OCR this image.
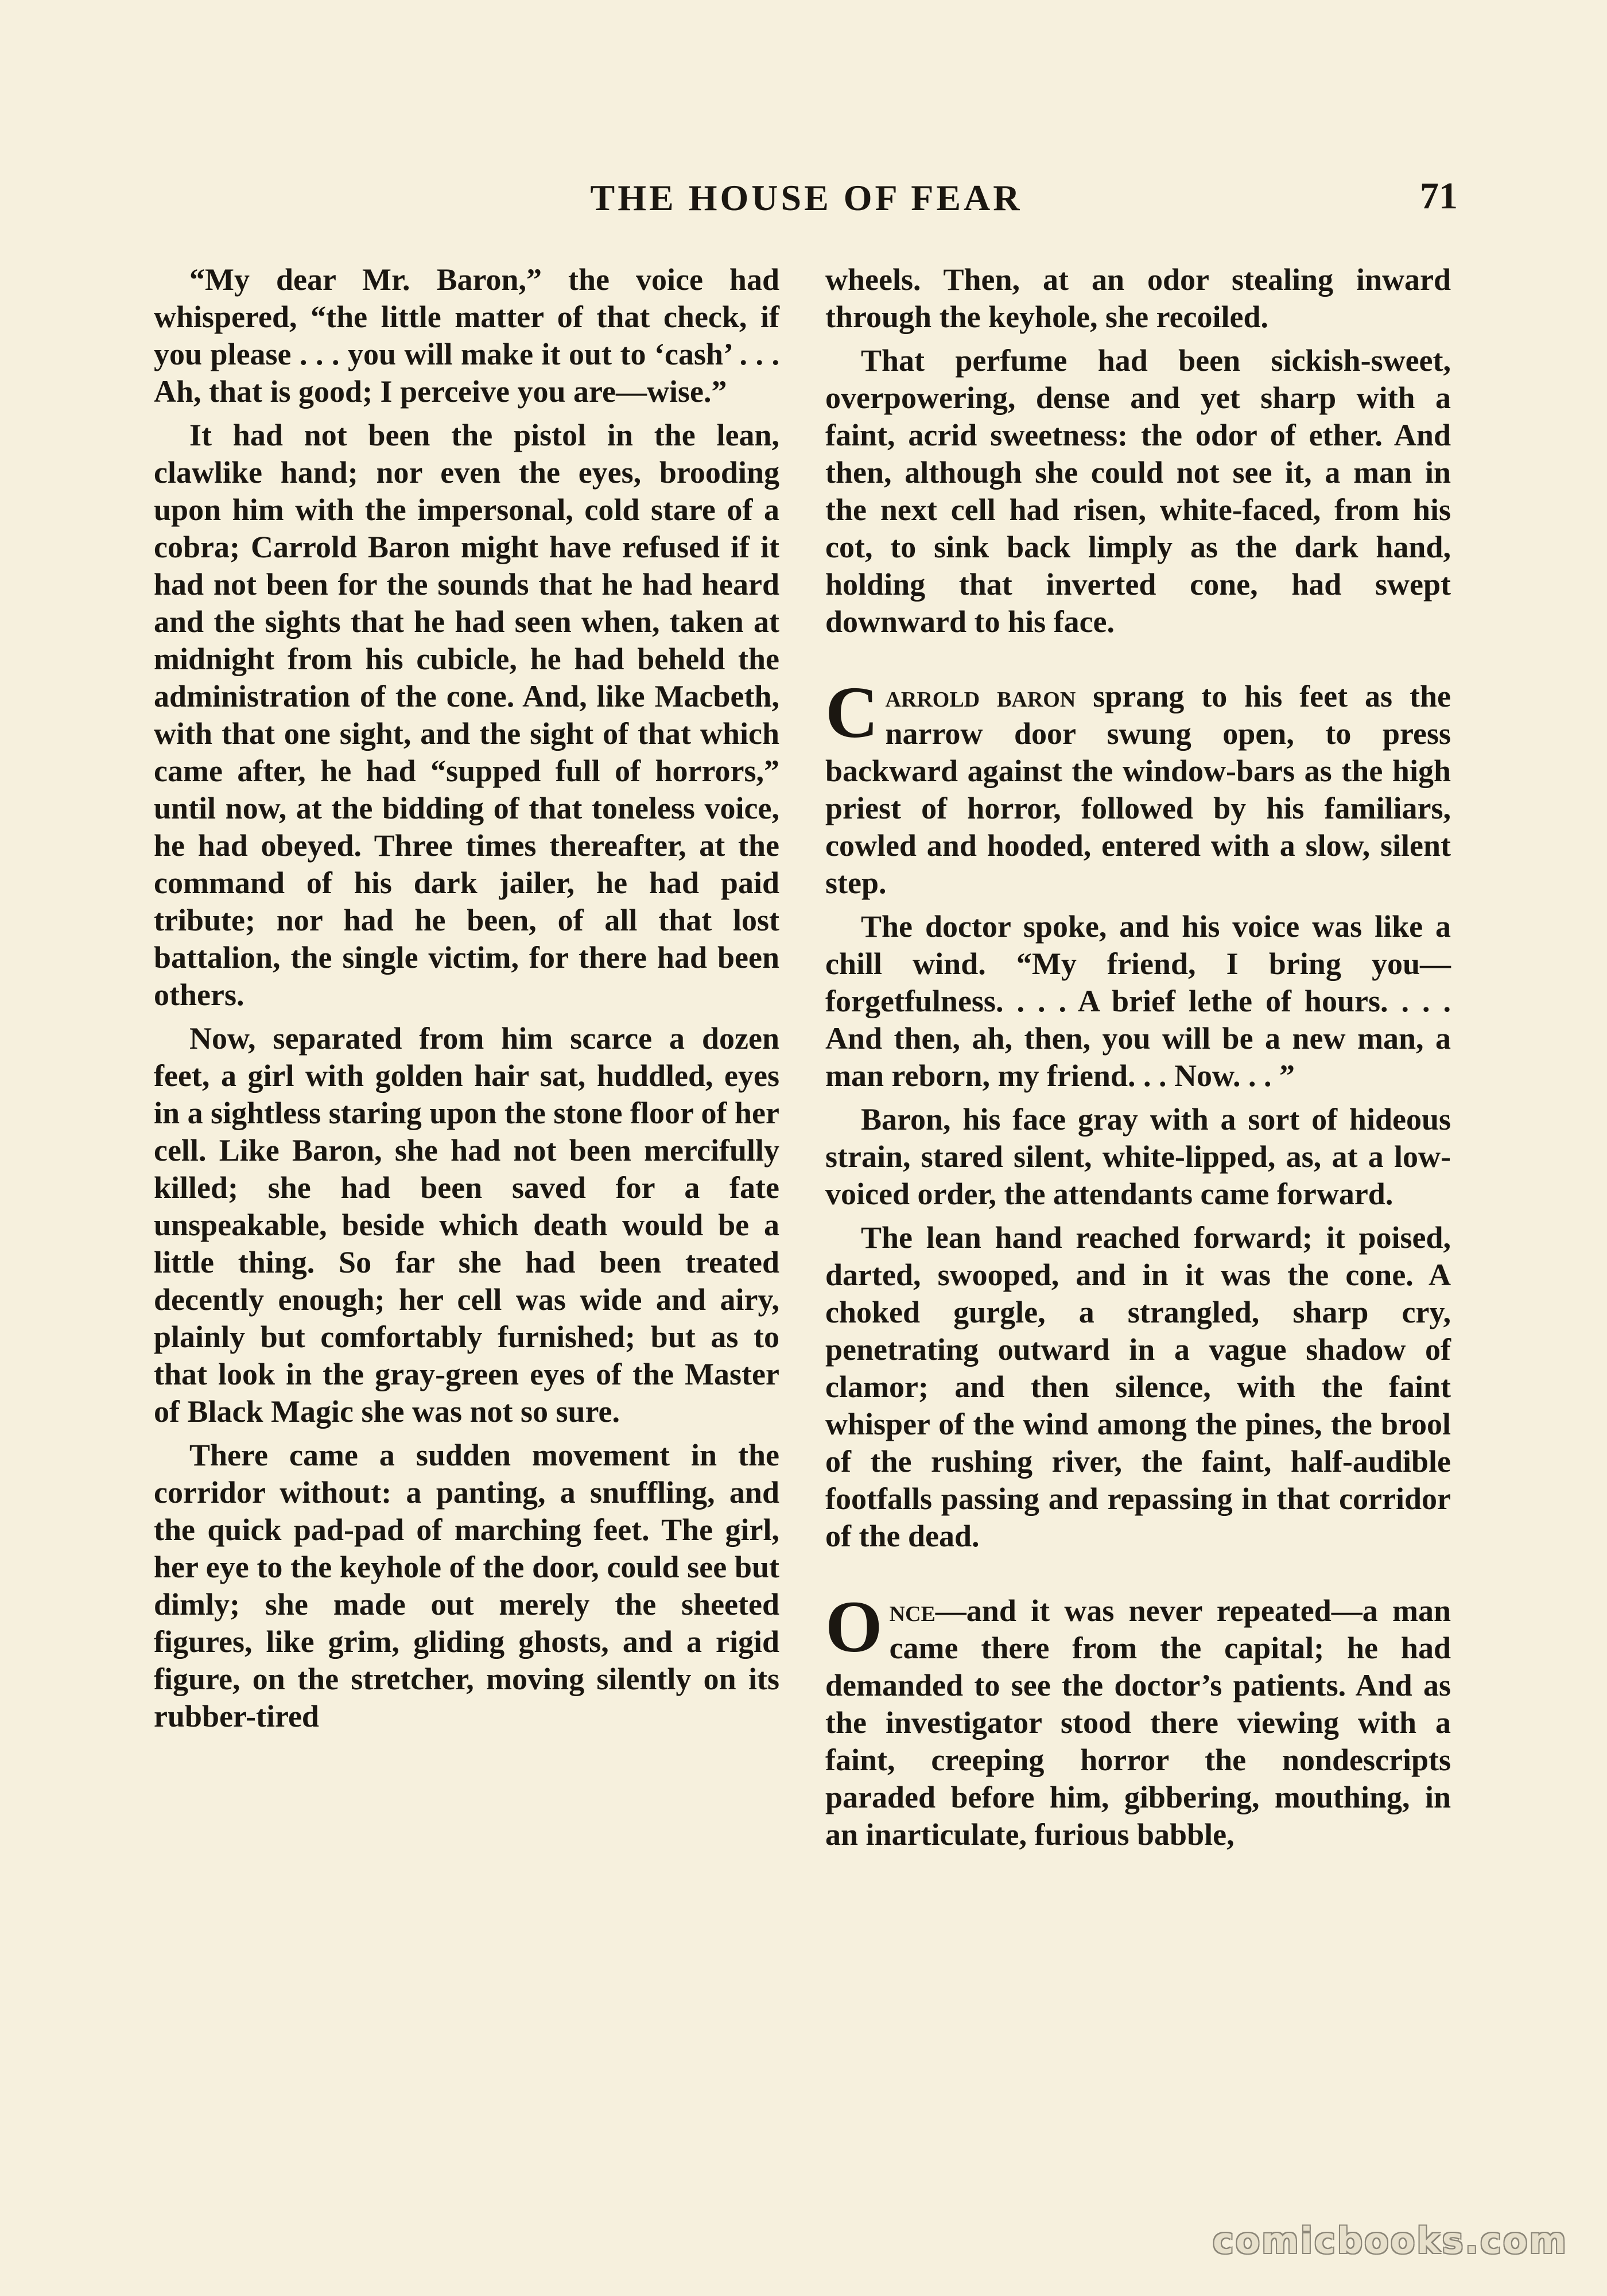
THE HOUSE OF FEAR	71

“My dear Mr. Baron,” the voice had whispered, “the little matter of that check, if you please . . . you will make it out to ‘cash’ . . . Ah, that is good; I perceive you are—wise.”

It had not been the pistol in the lean, clawlike hand; nor even the eyes, brooding upon him with the impersonal, cold stare of a cobra; Carrold Baron might have refused if it had not been for the sounds that he had heard and the sights that he had seen when, taken at midnight from his cubicle, he had beheld the administration of the cone. And, like Macbeth, with that one sight, and the sight of that which came after, he had “supped full of horrors,” until now, at the bidding of that toneless voice, he had obeyed. Three times thereafter, at the command of his dark jailer, he had paid tribute; nor had he been, of all that lost battalion, the single victim, for there had been others.

Now, separated from him scarce a dozen feet, a girl with golden hair sat, huddled, eyes in a sightless staring upon the stone floor of her cell. Like Baron, she had not been mercifully killed; she had been saved for a fate unspeakable, beside which death would be a little thing. So far she had been treated decently enough; her cell was wide and airy, plainly but comfortably furnished; but as to that look in the gray-green eyes of the Master of Black Magic she was not so sure.

There came a sudden movement in the corridor without: a panting, a snuffling, and the quick pad-pad of marching feet. The girl, her eye to the keyhole of the door, could see but dimly; she made out merely the sheeted figures, like grim, gliding ghosts, and a rigid figure, on the stretcher, moving silently on its rubber-tired

wheels. Then, at an odor stealing inward through the keyhole, she recoiled.

That perfume had been sickish-sweet, overpowering, dense and yet sharp with a faint, acrid sweetness: the odor of ether. And then, although she could not see it, a man in the next cell had risen, white-faced, from his cot, to sink back limply as the dark hand, holding that inverted cone, had swept downward to his face.

Carrold baron sprang to his feet as the narrow door swung open, to press backward against the window-bars as the high priest of horror, followed by his familiars, cowled and hooded, entered with a slow, silent step.

The doctor spoke, and his voice was like a chill wind. “My friend, I bring you—forgetfulness. . . . A brief lethe of hours. . . . And then, ah, then, you will be a new man, a man reborn, my friend. . . Now. . . ”

Baron, his face gray with a sort of hideous strain, stared silent, white-lipped, as, at a low-voiced order, the attendants came forward.

The lean hand reached forward; it poised, darted, swooped, and in it was the cone. A choked gurgle, a strangled, sharp cry, penetrating outward in a vague shadow of clamor; and then silence, with the faint whisper of the wind among the pines, the brool of the rushing river, the faint, half-audible footfalls passing and repassing in that corridor of the dead.

Once—and it was never repeated—a man came there from the capital; he had demanded to see the doctor’s patients. And as the investigator stood there viewing with a faint, creeping horror the nondescripts paraded before him, gibbering, mouthing, in an inarticulate, furious babble,

comicbooks.com
